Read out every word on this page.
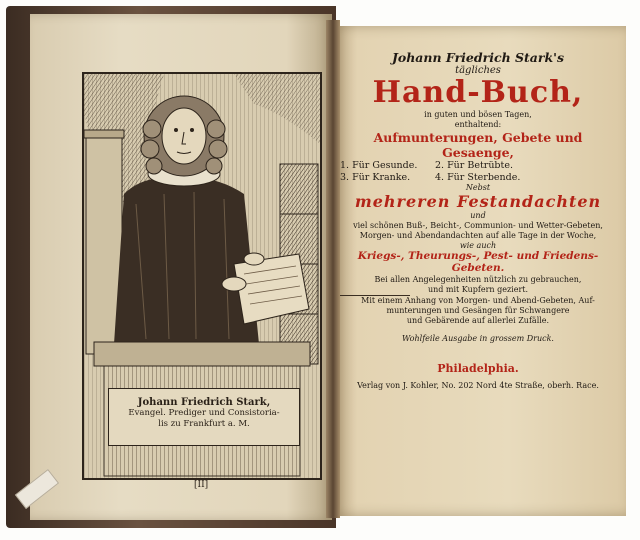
Johann Friedrich Stark,
Evangel. Prediger und Consistoria-
lis zu Frankfurt a. M.
[II]
Johann Friedrich Stark's
tägliches
Hand-Buch,
in guten und bösen Tagen,
enthaltend:
Aufmunterungen, Gebete und Gesaenge,
1. Für Gesunde.	2. Für Betrübte.
3. Für Kranke.	4. Für Sterbende.
Nebst
mehreren Festandachten
und
viel schönen Buß-, Beicht-, Communion- und Wetter-Gebeten,
Morgen- und Abendandachten auf alle Tage in der Woche,
wie auch
Kriegs-, Theurungs-, Pest- und Friedens-Gebeten.
Bei allen Angelegenheiten nützlich zu gebrauchen,
und mit Kupfern geziert.
Mit einem Anhang von Morgen- und Abend-Gebeten, Auf-
munterungen und Gesängen für Schwangere
und Gebärende auf allerlei Zufälle.
Wohlfeile Ausgabe in grossem Druck.
Philadelphia.
Verlag von J. Kohler, No. 202 Nord 4te Straße, oberh. Race.
